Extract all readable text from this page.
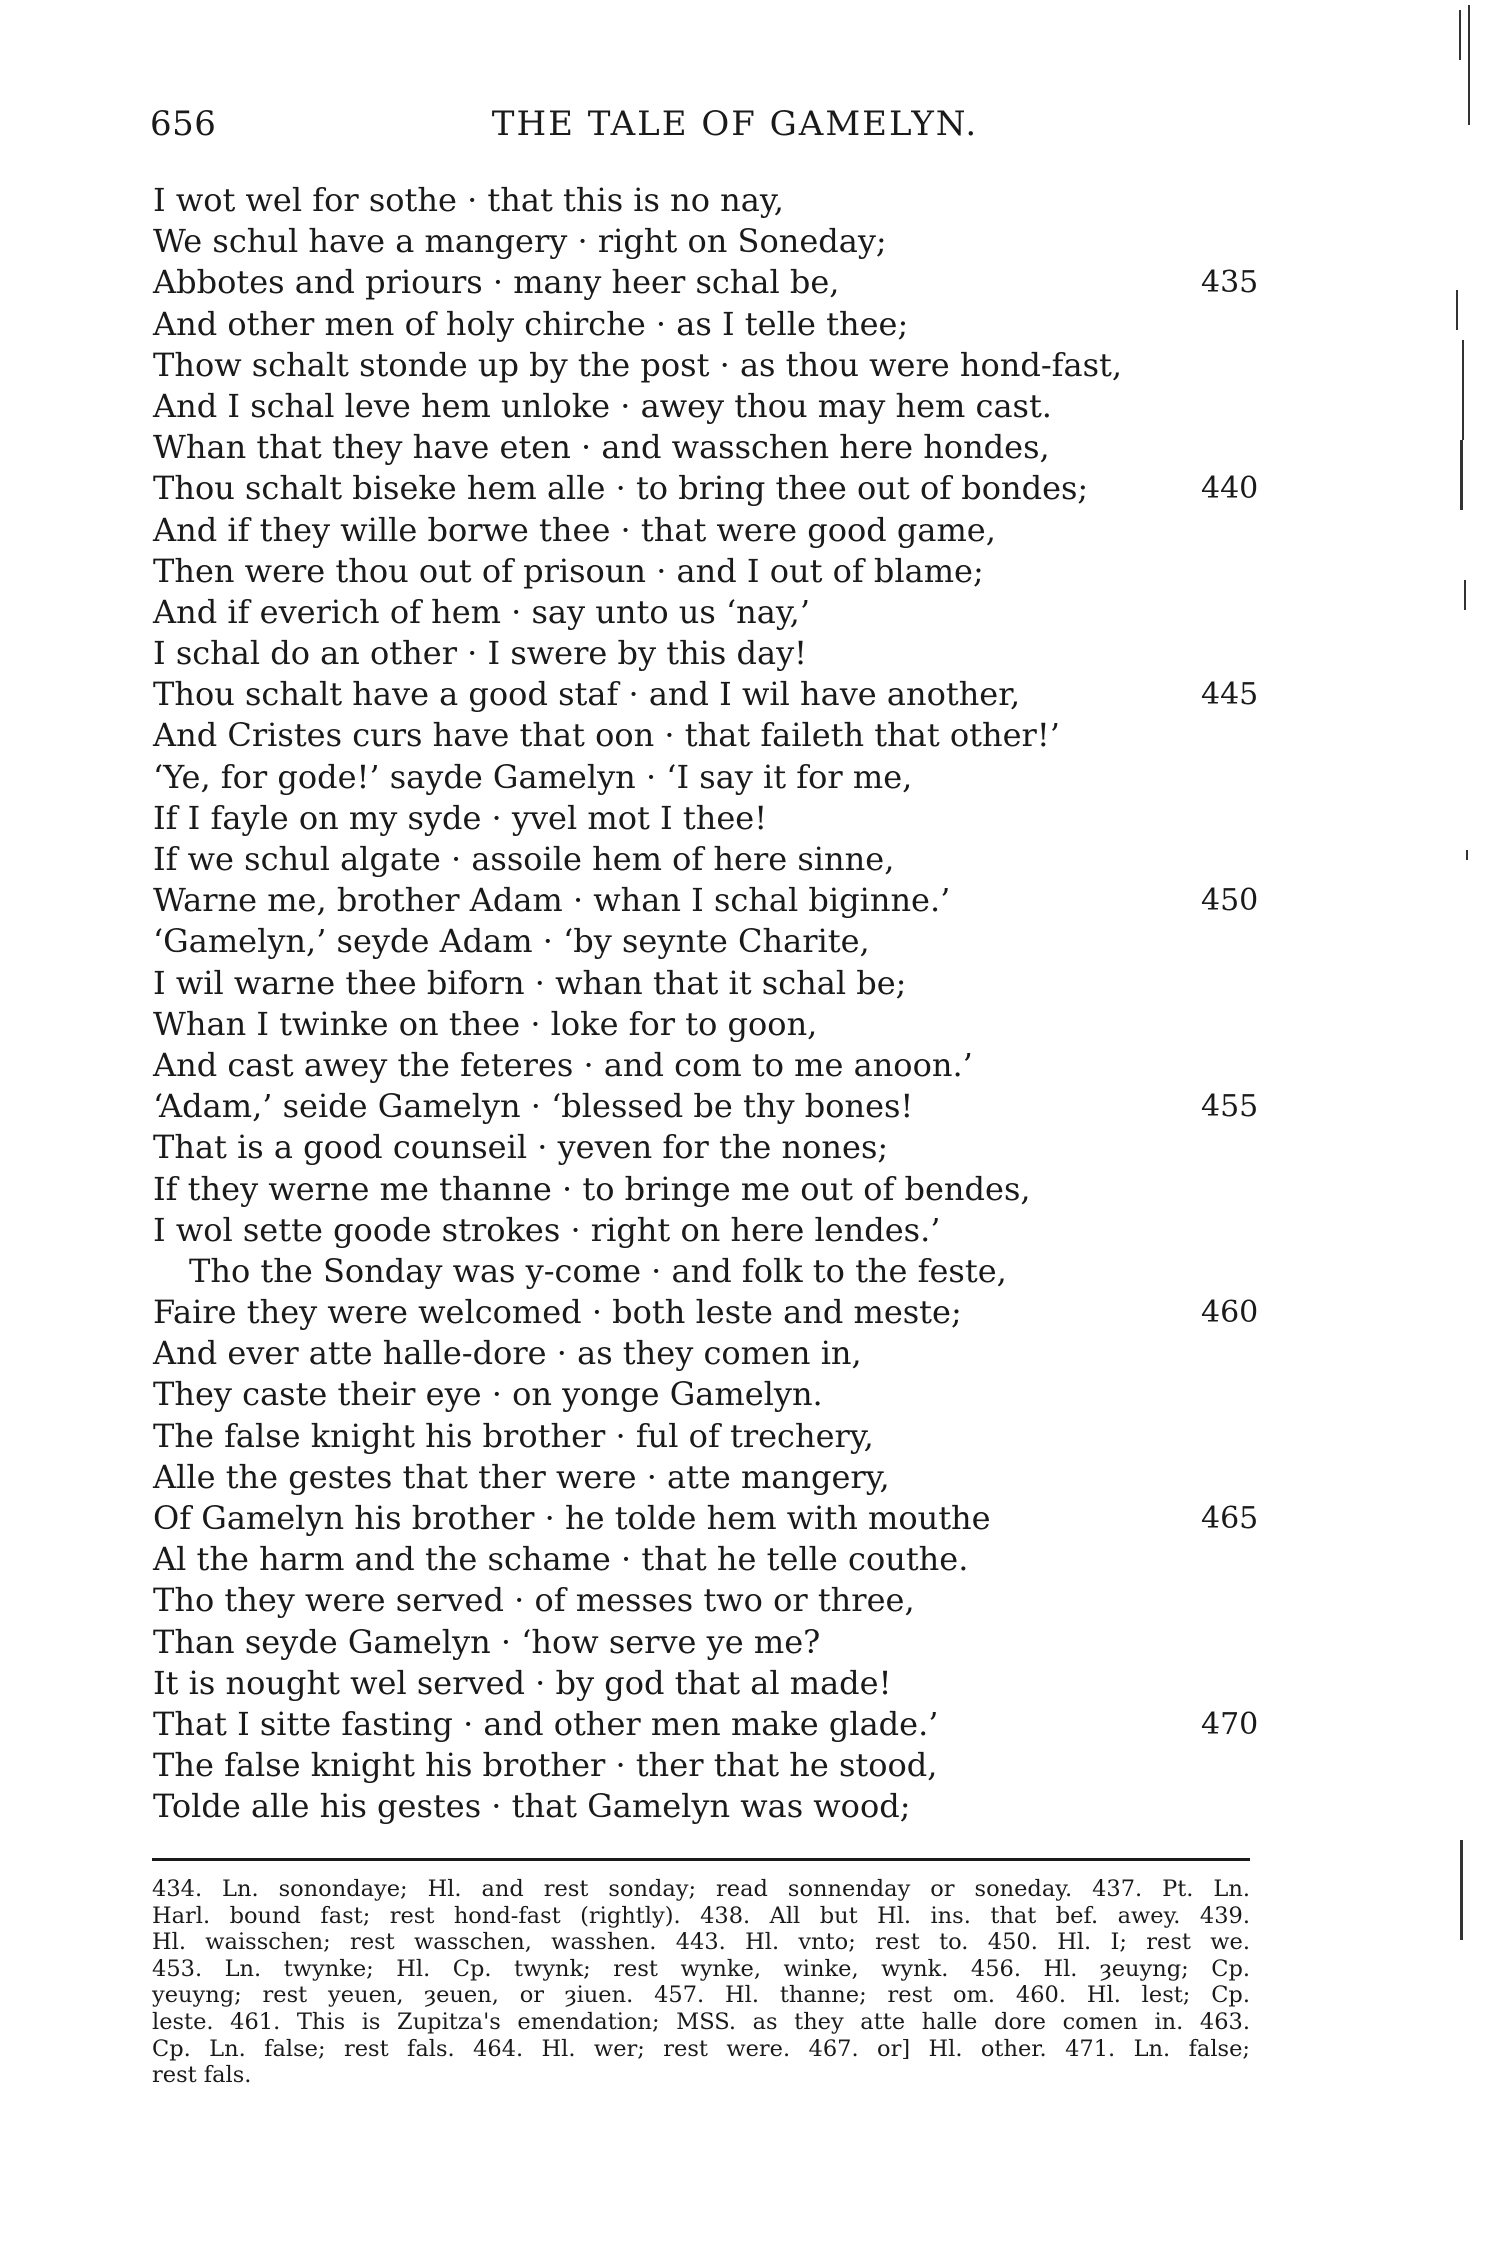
656	THE TALE OF GAMELYN.
I wot wel for sothe · that this is no nay,
We schul have a mangery · right on Soneday;
Abbotes and priours · many heer schal be,	435
And other men of holy chirche · as I telle thee;
Thow schalt stonde up by the post · as thou were hond-fast,
And I schal leve hem unloke · awey thou may hem cast.
Whan that they have eten · and wasschen here hondes,
Thou schalt biseke hem alle · to bring thee out of bondes;	440
And if they wille borwe thee · that were good game,
Then were thou out of prisoun · and I out of blame;
And if everich of hem · say unto us ‘nay,’
I schal do an other · I swere by this day!
Thou schalt have a good staf · and I wil have another,	445
And Cristes curs have that oon · that faileth that other!’
‘Ye, for gode!’ sayde Gamelyn · ‘I say it for me,
If I fayle on my syde · yvel mot I thee!
If we schul algate · assoile hem of here sinne,
Warne me, brother Adam · whan I schal biginne.’	450
‘Gamelyn,’ seyde Adam · ‘by seynte Charite,
I wil warne thee biforn · whan that it schal be;
Whan I twinke on thee · loke for to goon,
And cast awey the feteres · and com to me anoon.’
‘Adam,’ seide Gamelyn · ‘blessed be thy bones!	455
That is a good counseil · yeven for the nones;
If they werne me thanne · to bringe me out of bendes,
I wol sette goode strokes · right on here lendes.’
Tho the Sonday was y-come · and folk to the feste,
Faire they were welcomed · both leste and meste;	460
And ever atte halle-dore · as they comen in,
They caste their eye · on yonge Gamelyn.
The false knight his brother · ful of trechery,
Alle the gestes that ther were · atte mangery,
Of Gamelyn his brother · he tolde hem with mouthe	465
Al the harm and the schame · that he telle couthe.
Tho they were served · of messes two or three,
Than seyde Gamelyn · ‘how serve ye me?
It is nought wel served · by god that al made!
That I sitte fasting · and other men make glade.’	470
The false knight his brother · ther that he stood,
Tolde alle his gestes · that Gamelyn was wood;
434. Ln. sonondaye; Hl. and rest sonday; read sonnenday or soneday. 437. Pt. Ln.
Harl. bound fast; rest hond-fast (rightly). 438. All but Hl. ins. that bef. awey. 439.
Hl. waisschen; rest wasschen, wasshen. 443. Hl. vnto; rest to. 450. Hl. I; rest we.
453. Ln. twynke; Hl. Cp. twynk; rest wynke, winke, wynk. 456. Hl. ȝeuyng; Cp.
yeuyng; rest yeuen, ȝeuen, or ȝiuen. 457. Hl. thanne; rest om. 460. Hl. lest; Cp.
leste. 461. This is Zupitza's emendation; MSS. as they atte halle dore comen in. 463.
Cp. Ln. false; rest fals. 464. Hl. wer; rest were. 467. or] Hl. other. 471. Ln. false;
rest fals.
